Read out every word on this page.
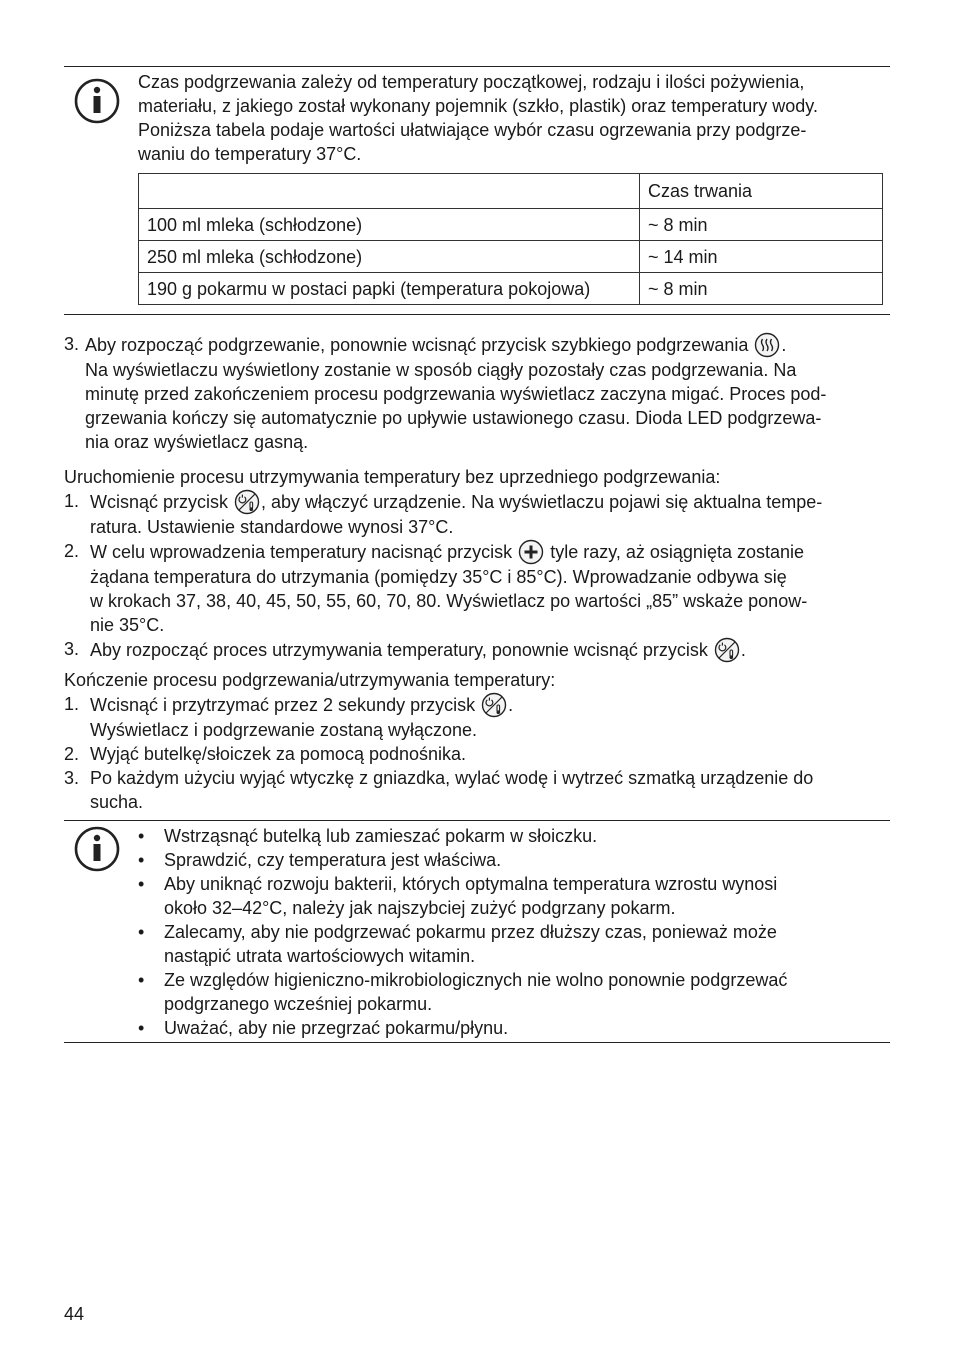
Czas podgrzewania zależy od temperatury początkowej, rodzaju i ilości pożywienia,

materiału, z jakiego został wykonany pojemnik (szkło, plastik) oraz temperatury wody.

Poniższa tabela podaje wartości ułatwiające wybór czasu ogrzewania przy podgrze-

waniu do temperatury 37°C.

	Czas trwania
100 ml mleka (schłodzone)	~ 8 min
250 ml mleka (schłodzone)	~ 14 min
190 g pokarmu w postaci papki (temperatura pokojowa)	~ 8 min
3. Aby rozpocząć podgrzewanie, ponownie wcisnąć przycisk szybkiego podgrzewania .
Na wyświetlaczu wyświetlony zostanie w sposób ciągły pozostały czas podgrzewania. Na
minutę przed zakończeniem procesu podgrzewania wyświetlacz zaczyna migać. Proces pod-
grzewania kończy się automatycznie po upływie ustawionego czasu. Dioda LED podgrzewa-
nia oraz wyświetlacz gasną.

Uruchomienie procesu utrzymywania temperatury bez uprzedniego podgrzewania:

1. Wcisnąć przycisk , aby włączyć urządzenie. Na wyświetlaczu pojawi się aktualna tempe-
ratura. Ustawienie standardowe wynosi 37°C.
2. W celu wprowadzenia temperatury nacisnąć przycisk tyle razy, aż osiągnięta zostanie
żądana temperatura do utrzymania (pomiędzy 35°C i 85°C). Wprowadzanie odbywa się
w krokach 37, 38, 40, 45, 50, 55, 60, 70, 80. Wyświetlacz po wartości „85” wskaże ponow-
nie 35°C.
3. Aby rozpocząć proces utrzymywania temperatury, ponownie wcisnąć przycisk .

Kończenie procesu podgrzewania/utrzymywania temperatury:

1. Wcisnąć i przytrzymać przez 2 sekundy przycisk .
Wyświetlacz i podgrzewanie zostaną wyłączone.
2. Wyjąć butelkę/słoiczek za pomocą podnośnika.
3. Po każdym użyciu wyjąć wtyczkę z gniazdka, wylać wodę i wytrzeć szmatką urządzenie do
sucha.
•	Wstrząsnąć butelką lub zamieszać pokarm w słoiczku.
•	Sprawdzić, czy temperatura jest właściwa.
•	Aby uniknąć rozwoju bakterii, których optymalna temperatura wzrostu wynosi
około 32–42°C, należy jak najszybciej zużyć podgrzany pokarm.
•	Zalecamy, aby nie podgrzewać pokarmu przez dłuższy czas, ponieważ może
nastąpić utrata wartościowych witamin.
•	Ze względów higieniczno-mikrobiologicznych nie wolno ponownie podgrzewać
podgrzanego wcześniej pokarmu.
•	Uważać, aby nie przegrzać pokarmu/płynu.
44
